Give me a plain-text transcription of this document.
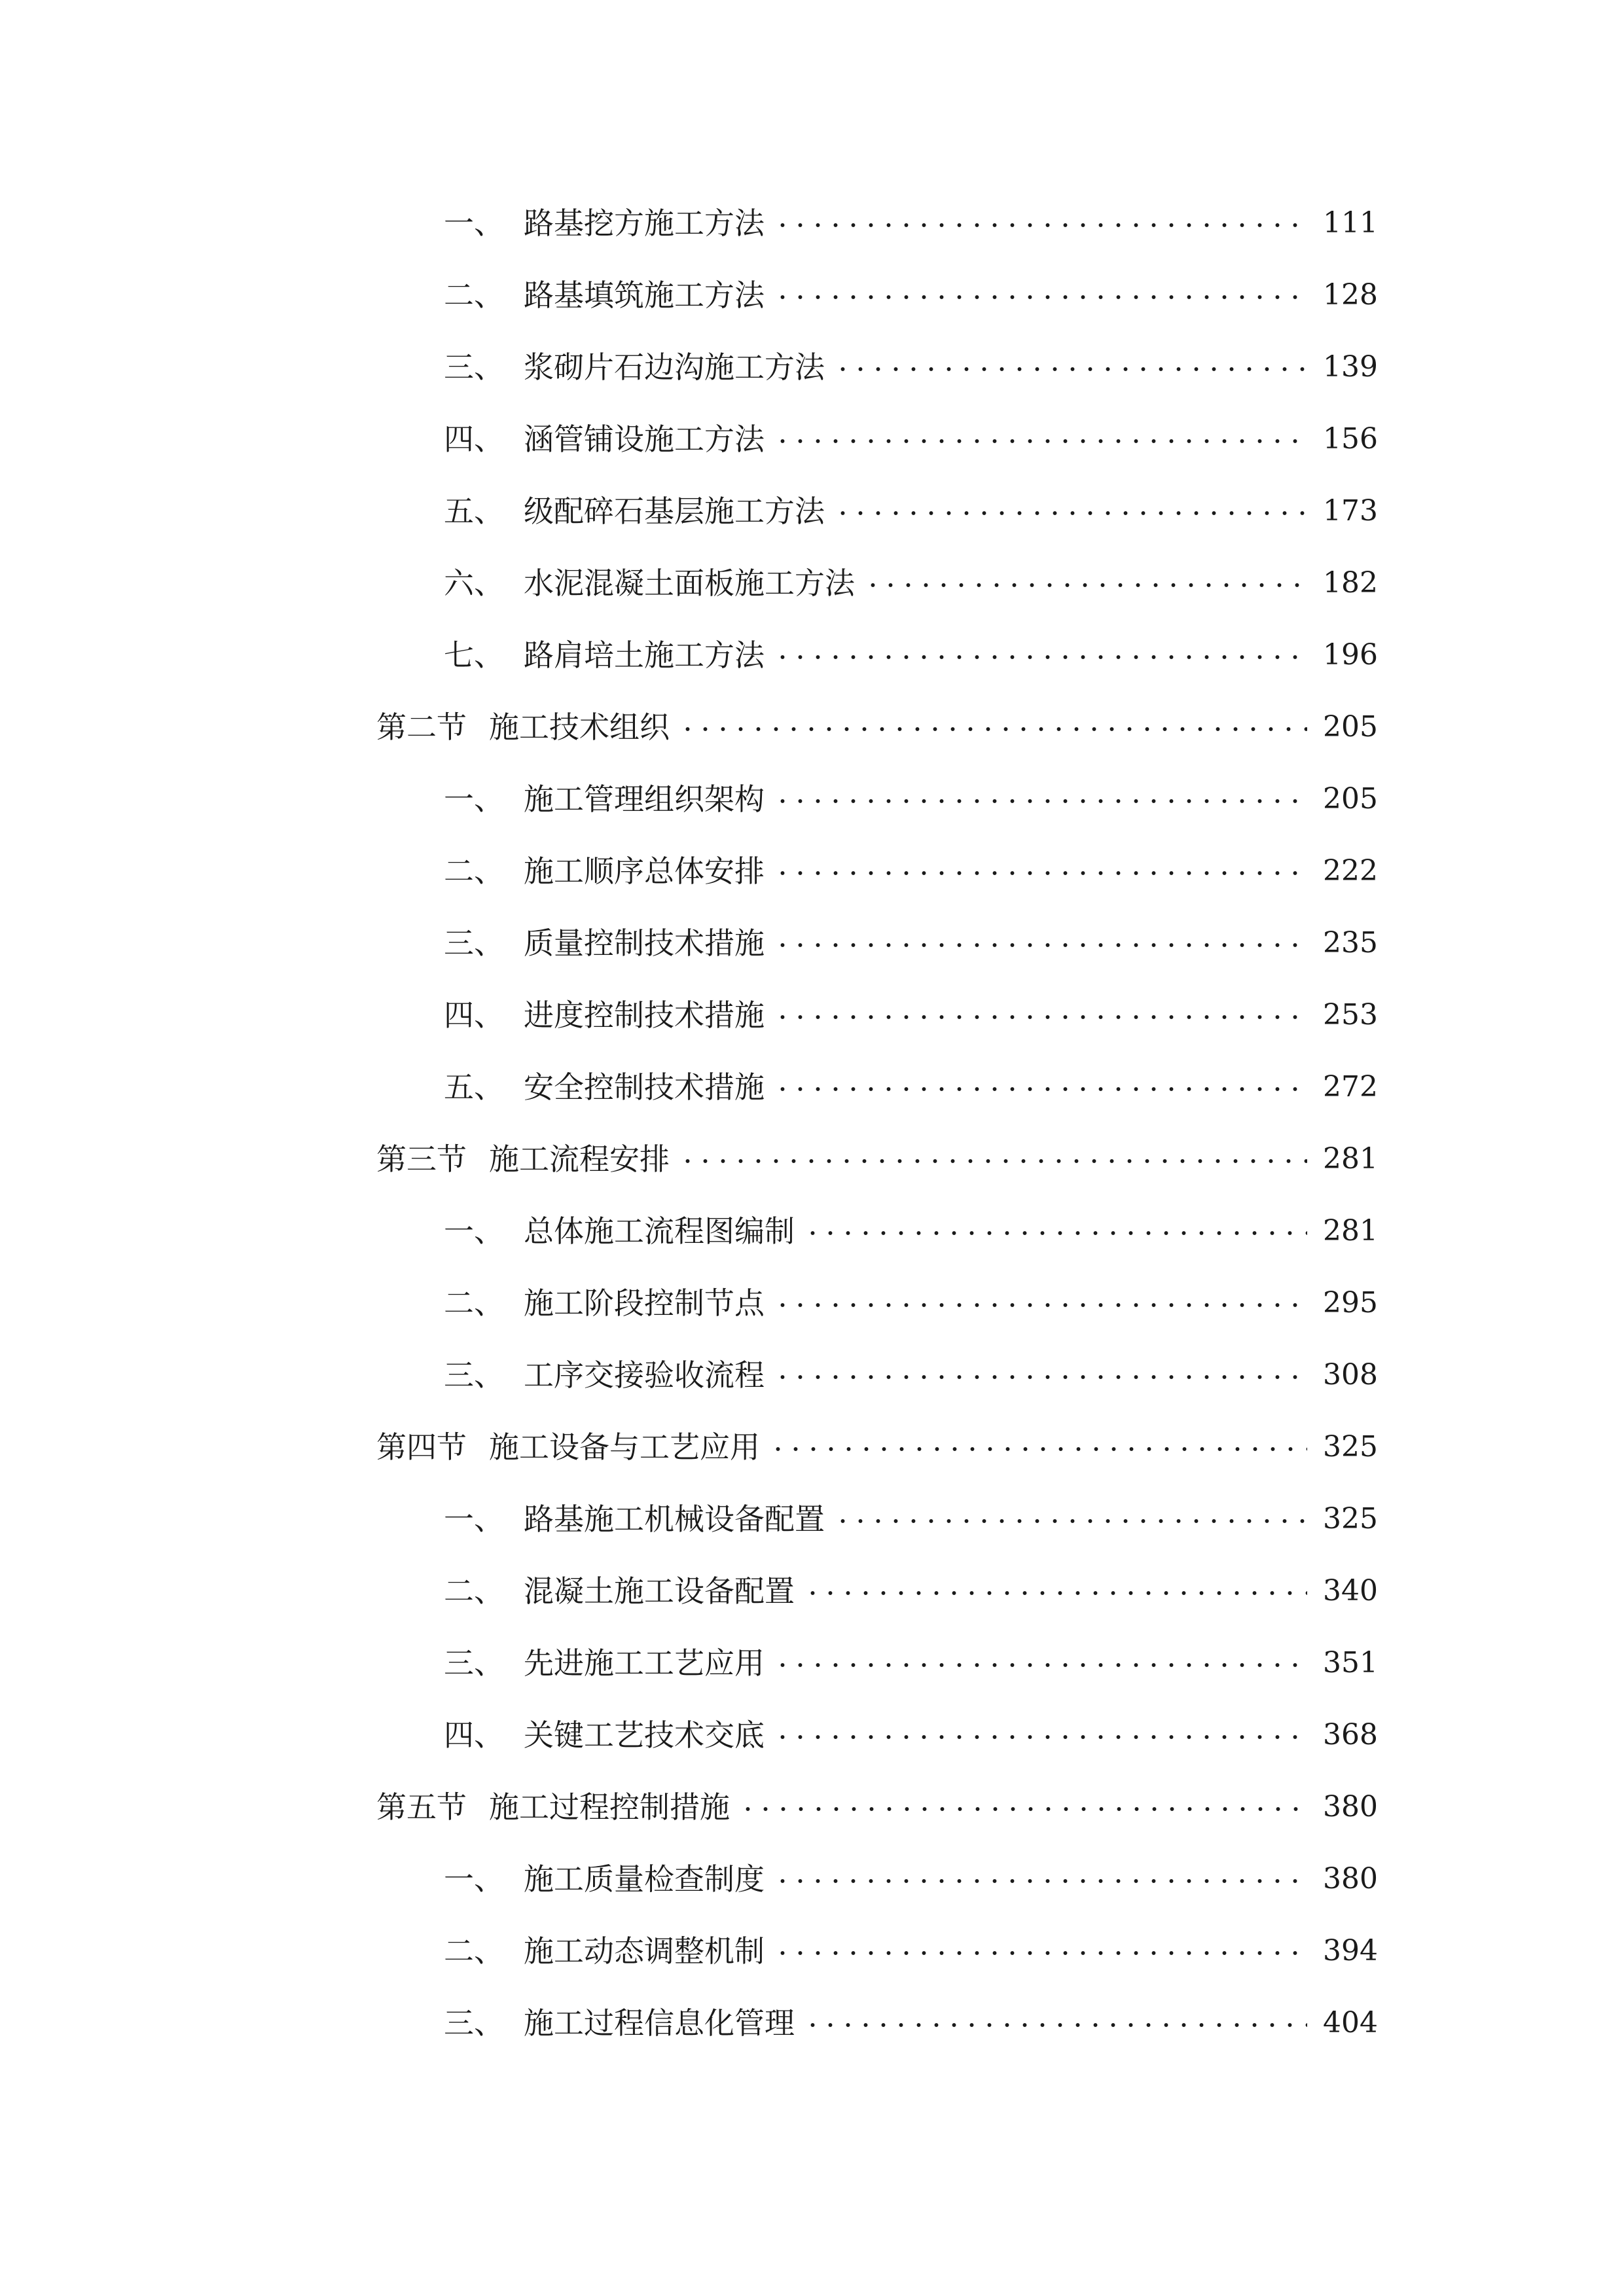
一、 路基挖方施工方法	111
二、 路基填筑施工方法	128
三、 浆砌片石边沟施工方法	139
四、 涵管铺设施工方法	156
五、 级配碎石基层施工方法	173
六、 水泥混凝土面板施工方法	182
七、 路肩培土施工方法	196
第二节 施工技术组织	205
一、 施工管理组织架构	205
二、 施工顺序总体安排	222
三、 质量控制技术措施	235
四、 进度控制技术措施	253
五、 安全控制技术措施	272
第三节 施工流程安排	281
一、 总体施工流程图编制	281
二、 施工阶段控制节点	295
三、 工序交接验收流程	308
第四节 施工设备与工艺应用	325
一、 路基施工机械设备配置	325
二、 混凝土施工设备配置	340
三、 先进施工工艺应用	351
四、 关键工艺技术交底	368
第五节 施工过程控制措施	380
一、 施工质量检查制度	380
二、 施工动态调整机制	394
三、 施工过程信息化管理	404
